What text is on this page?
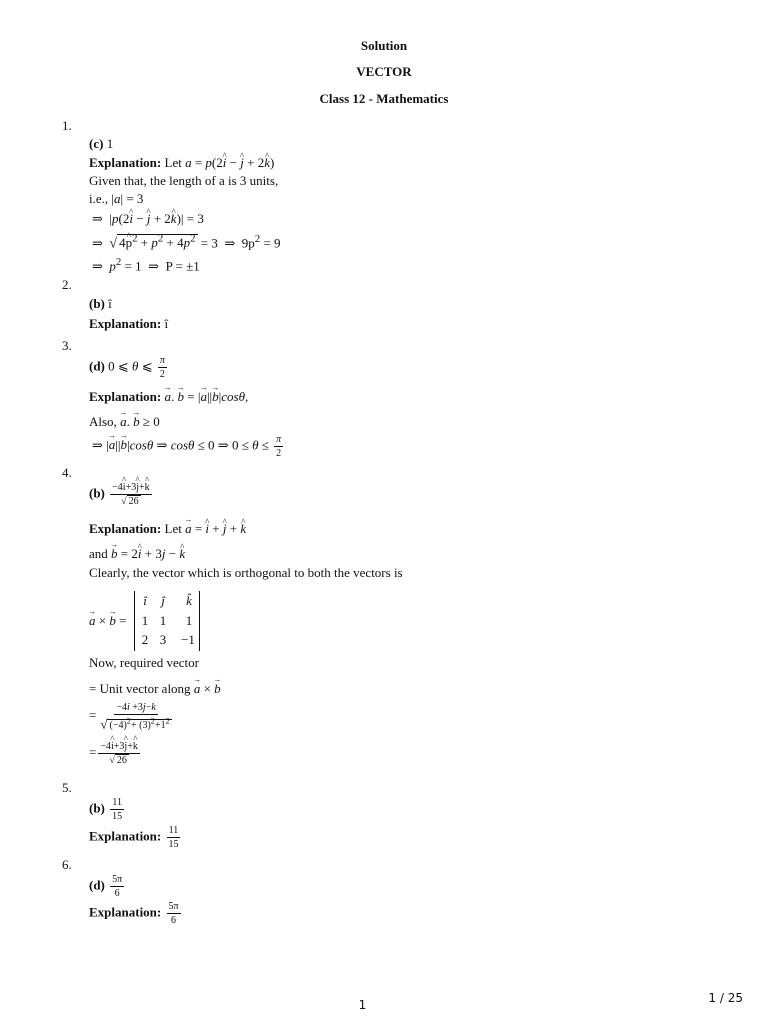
Solution
VECTOR
Class 12 - Mathematics
1.
(c) 1
Explanation: Let a = p(2i ^ − j ^ + 2k ^)
Given that, the length of a is 3 units,
i.e., |a| = 3
⇒  |p(2i ^ − j ^ + 2k ^)| = 3
⇒  √ 4p ^$^2$ + $p^2 + 4p^2 = 3$  ⇒  $9p^2 = 9$
⇒  $p^2 = 1$  ⇒  P = ±1
2.
(b) î
Explanation: î
3.
(d) 0 ⩽ θ ⩽ $\frac{\pi}{2}$
Explanation: a →. b → = |a →||b →|cosθ,
Also, a →. b → ≥ 0
⇒ |a →||b →|cosθ ⇒ cosθ ≤ 0 ⇒ $0 \le \theta \le \frac{\pi}{2}$
4.
$(b) \frac{-4i \^{}+3j \^{}+k \^{}}{√ 26}$
Explanation: Let a → = i ^ + j ^ + k ^
and b → = 2i ^ + 3j − k ^
Clearly, the vector which is orthogonal to both the vectors is
a → × b → =
î	ĵ	k̂
1 1	1
2 3	−1
Now, required vector
= Unit vector along a → × b →
= $\frac{-4i +3j-k}{√ (-4)^2+ (3)^2+1^2}$
= $\frac{-4i \^{}+3j \^{}+k \^{}}{√ 26}$
5.
$(b) \frac{11}{15}$
Explanation: $\frac{11}{15}$
6.
$(d) \frac{5\pi}{6}$
Explanation: $\frac{5\pi}{6}$
1	1 / 25
